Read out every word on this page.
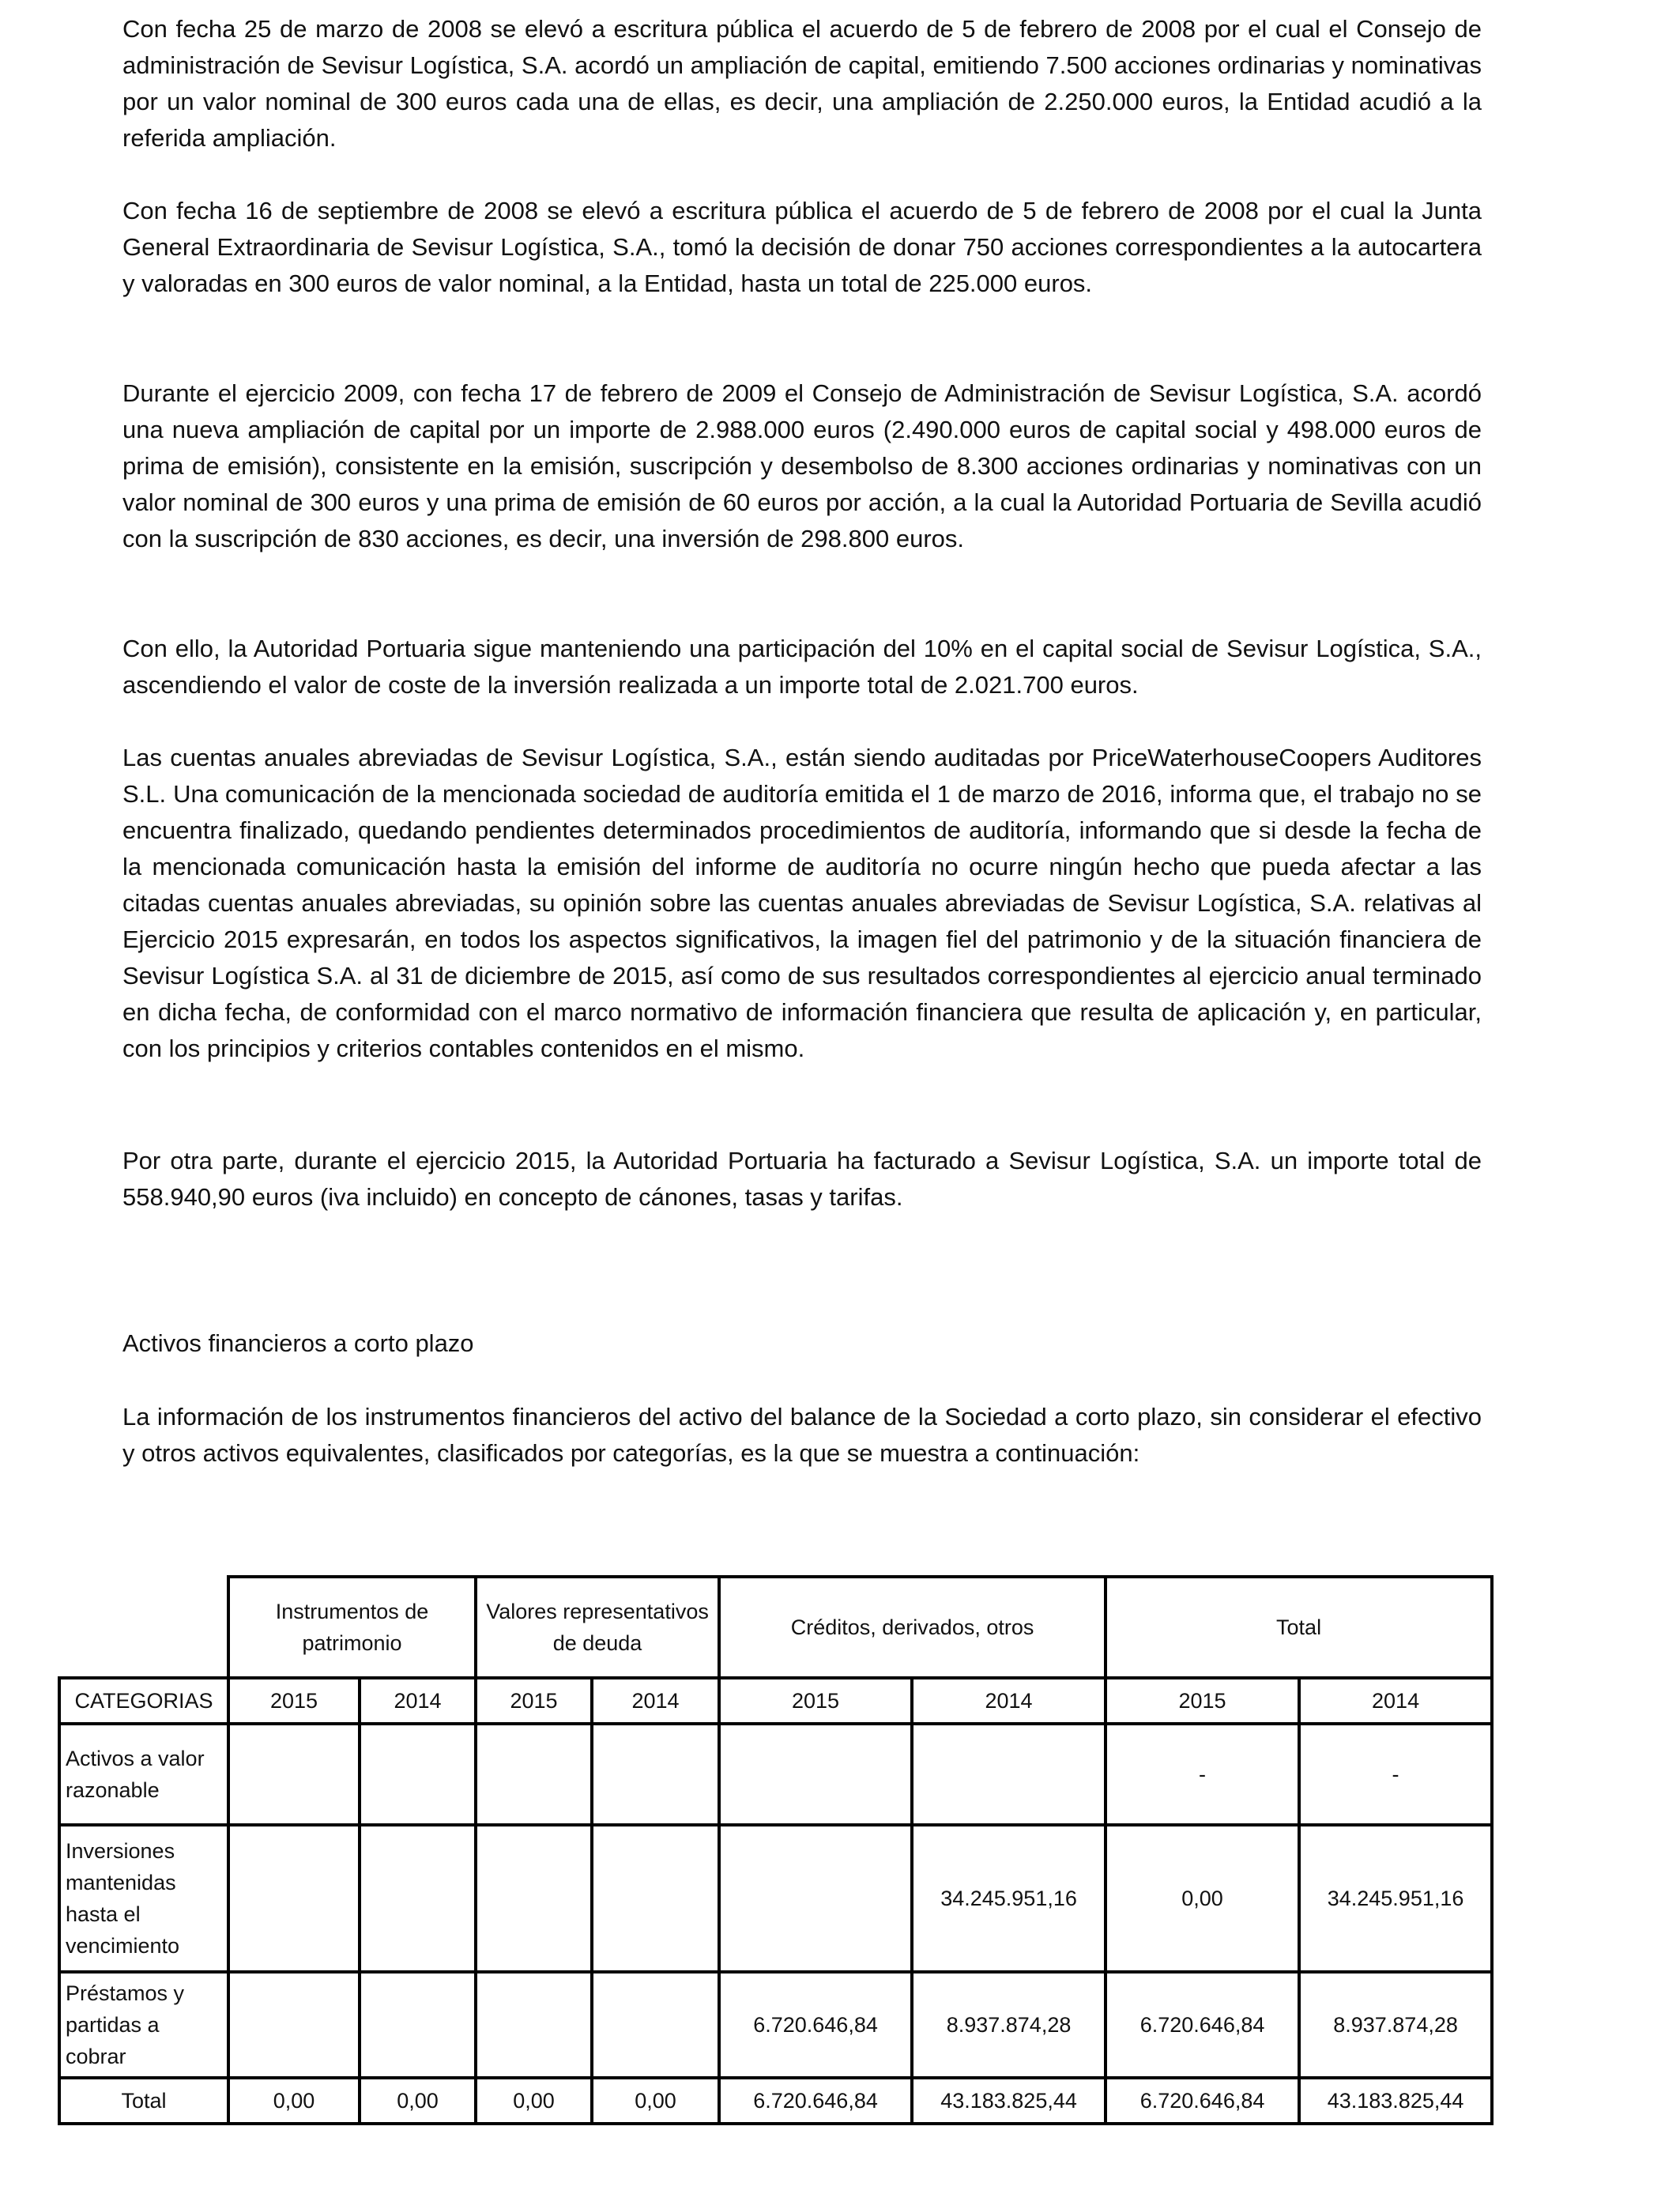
Con fecha 25 de marzo de 2008 se elevó a escritura pública el acuerdo de 5 de febrero de 2008 por el cual el Consejo de administración de Sevisur Logística, S.A. acordó un ampliación de capital, emitiendo 7.500 acciones ordinarias y nominativas por un valor nominal de 300 euros cada una de ellas, es decir, una ampliación de 2.250.000 euros, la Entidad acudió a la referida ampliación.

Con fecha 16 de septiembre de 2008 se elevó a escritura pública el acuerdo de 5 de febrero de 2008 por el cual la Junta General Extraordinaria de Sevisur Logística, S.A., tomó la decisión de donar 750 acciones correspondientes a la autocartera y valoradas en 300 euros de valor nominal, a la Entidad, hasta un total de 225.000 euros.

Durante el ejercicio 2009, con fecha 17 de febrero de 2009 el Consejo de Administración de Sevisur Logística, S.A. acordó una nueva ampliación de capital por un importe de 2.988.000 euros (2.490.000 euros de capital social y 498.000 euros de prima de emisión), consistente en la emisión, suscripción y desembolso de 8.300 acciones ordinarias y nominativas con un valor nominal de 300 euros y una prima de emisión de 60 euros por acción, a la cual la Autoridad Portuaria de Sevilla acudió con la suscripción de 830 acciones, es decir, una inversión de 298.800 euros.

Con ello, la Autoridad Portuaria sigue manteniendo una participación del 10% en el capital social de Sevisur Logística, S.A., ascendiendo el valor de coste de la inversión realizada a un importe total de 2.021.700 euros.

Las cuentas anuales abreviadas de Sevisur Logística, S.A., están siendo auditadas por PriceWaterhouseCoopers Auditores S.L. Una comunicación de la mencionada sociedad de auditoría emitida el 1 de marzo de 2016, informa que, el trabajo no se encuentra finalizado, quedando pendientes determinados procedimientos de auditoría, informando que si desde la fecha de la mencionada comunicación hasta la emisión del informe de auditoría no ocurre ningún hecho que pueda afectar a las citadas cuentas anuales abreviadas, su opinión sobre las cuentas anuales abreviadas de Sevisur Logística, S.A. relativas al Ejercicio 2015 expresarán, en todos los aspectos significativos, la imagen fiel del patrimonio y de la situación financiera de Sevisur Logística S.A. al 31 de diciembre de 2015, así como de sus resultados correspondientes al ejercicio anual terminado en dicha fecha, de conformidad con el marco normativo de información financiera que resulta de aplicación y, en particular, con los principios y criterios contables contenidos en el mismo.

Por otra parte, durante el ejercicio 2015, la Autoridad Portuaria ha facturado a Sevisur Logística, S.A. un importe total de 558.940,90 euros (iva incluido) en concepto de cánones, tasas y tarifas.

Activos financieros a corto plazo

La información de los instrumentos financieros del activo del balance de la Sociedad a corto plazo, sin considerar el efectivo y otros activos equivalentes, clasificados por categorías, es la que se muestra a continuación:

	Instrumentos de patrimonio		Valores representativos de deuda		Créditos, derivados, otros		Total	
CATEGORIAS	2015	2014	2015	2014	2015	2014	2015	2014
Activos a valor razonable							-	-
Inversiones mantenidas hasta el vencimiento						34.245.951,16	0,00	34.245.951,16
Préstamos y partidas a cobrar					6.720.646,84	8.937.874,28	6.720.646,84	8.937.874,28
Total	0,00	0,00	0,00	0,00	6.720.646,84	43.183.825,44	6.720.646,84	43.183.825,44
